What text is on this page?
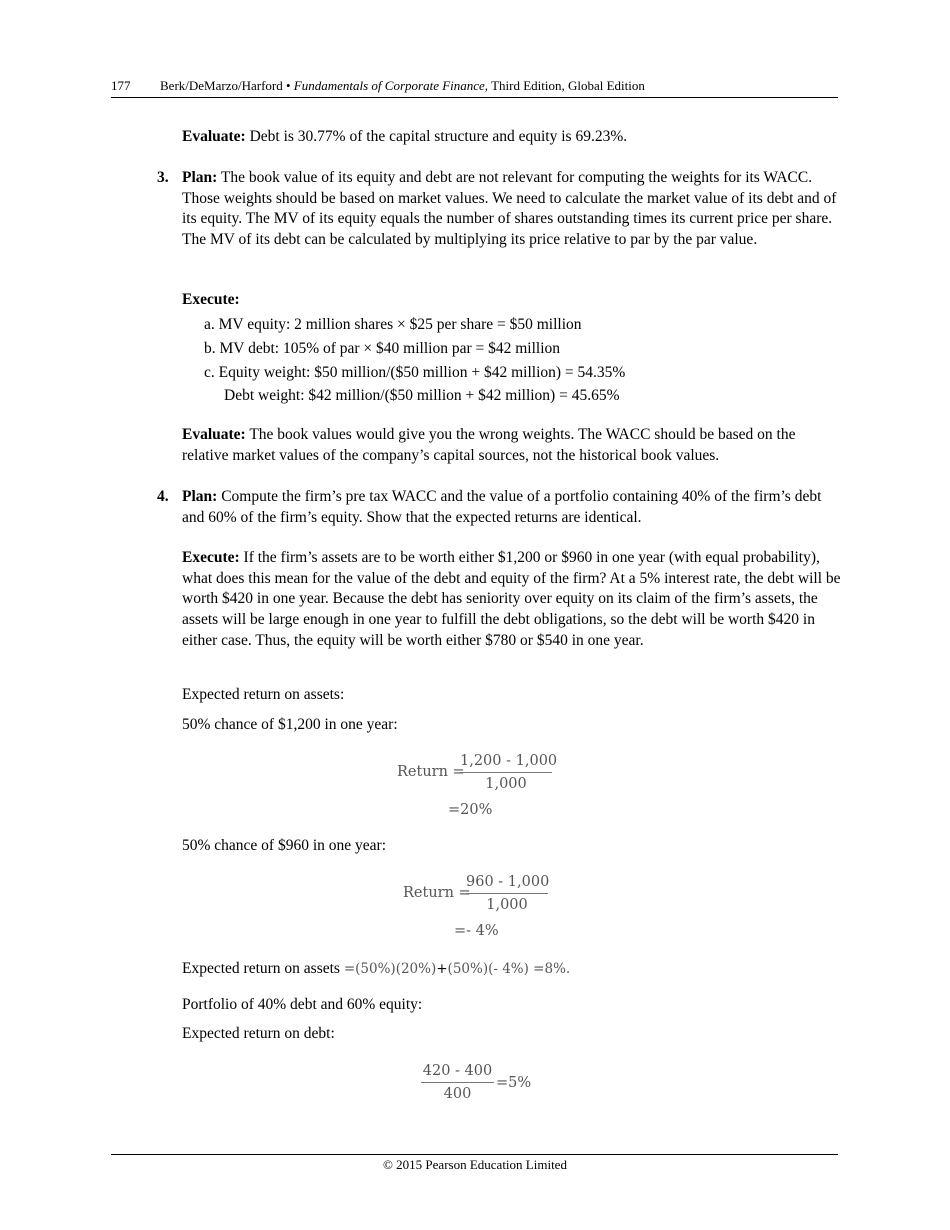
177 Berk/DeMarzo/Harford • Fundamentals of Corporate Finance, Third Edition, Global Edition
Evaluate: Debt is 30.77% of the capital structure and equity is 69.23%.
3. Plan: The book value of its equity and debt are not relevant for computing the weights for its WACC. Those weights should be based on market values. We need to calculate the market value of its debt and of its equity. The MV of its equity equals the number of shares outstanding times its current price per share. The MV of its debt can be calculated by multiplying its price relative to par by the par value.
Execute:
a. MV equity: 2 million shares × $25 per share = $50 million
b. MV debt: 105% of par × $40 million par = $42 million
c. Equity weight: $50 million/($50 million + $42 million) = 54.35%
Debt weight: $42 million/($50 million + $42 million) = 45.65%
Evaluate: The book values would give you the wrong weights. The WACC should be based on the relative market values of the company’s capital sources, not the historical book values.
4. Plan: Compute the firm’s pre tax WACC and the value of a portfolio containing 40% of the firm’s debt and 60% of the firm’s equity. Show that the expected returns are identical.
Execute: If the firm’s assets are to be worth either $1,200 or $960 in one year (with equal probability), what does this mean for the value of the debt and equity of the firm? At a 5% interest rate, the debt will be worth $420 in one year. Because the debt has seniority over equity on its claim of the firm’s assets, the assets will be large enough in one year to fulfill the debt obligations, so the debt will be worth $420 in either case. Thus, the equity will be worth either $780 or $540 in one year.
Expected return on assets:
50% chance of $1,200 in one year:
Return =
1,200 - 1,000
1,000
=20%
50% chance of $960 in one year:
Return =
960 - 1,000
1,000
=- 4%
Expected return on assets =(50%)(20%)+(50%)(- 4%) =8%.
Portfolio of 40% debt and 60% equity:
Expected return on debt:
420 - 400
400
=5%
© 2015 Pearson Education Limited
